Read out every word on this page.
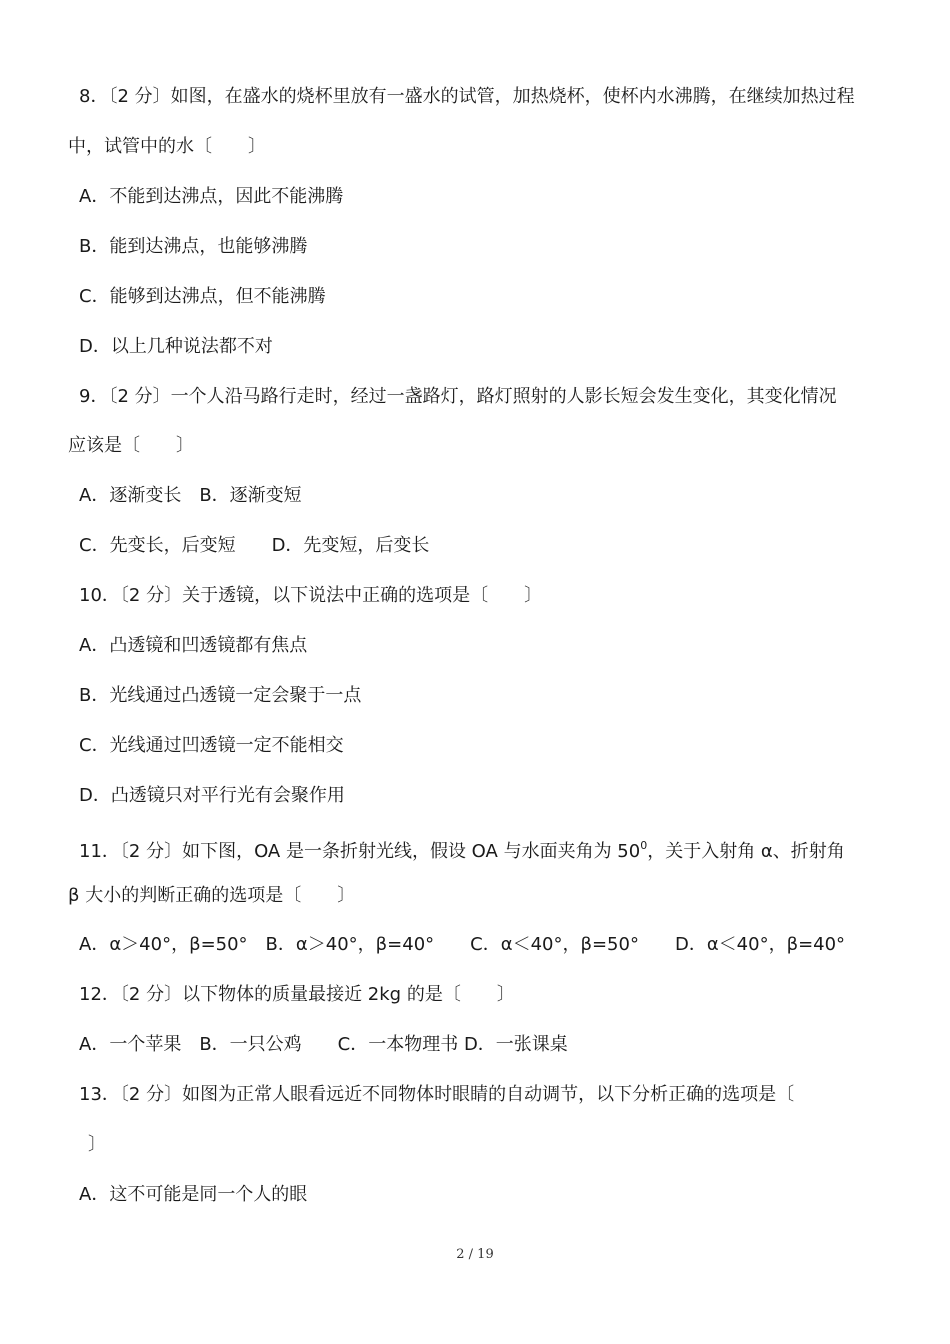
8．〔2 分〕如图，在盛水的烧杯里放有一盛水的试管，加热烧杯，使杯内水沸腾，在继续加热过程
中，试管中的水〔　　〕
A．不能到达沸点，因此不能沸腾
B．能到达沸点，也能够沸腾
C．能够到达沸点，但不能沸腾
D．以上几种说法都不对
9．〔2 分〕一个人沿马路行走时，经过一盏路灯，路灯照射的人影长短会发生变化，其变化情况
应该是〔　　〕
A．逐渐变长　B．逐渐变短
C．先变长，后变短　　D．先变短，后变长
10．〔2 分〕关于透镜，以下说法中正确的选项是〔　　〕
A．凸透镜和凹透镜都有焦点
B．光线通过凸透镜一定会聚于一点
C．光线通过凹透镜一定不能相交
D．凸透镜只对平行光有会聚作用
11．〔2 分〕如下图，OA 是一条折射光线，假设 OA 与水面夹角为 $50^0$，关于入射角 α、折射角
β 大小的判断正确的选项是〔　　〕
A．α＞40°，β=50°　B．α＞40°，β=40°　　C．α＜40°，β=50°　　D．α＜40°，β=40°
12．〔2 分〕以下物体的质量最接近 2kg 的是〔　　〕
A．一个苹果　B．一只公鸡　　C．一本物理书 D．一张课桌
13．〔2 分〕如图为正常人眼看远近不同物体时眼睛的自动调节，以下分析正确的选项是〔
〕
A．这不可能是同一个人的眼
2 / 19
